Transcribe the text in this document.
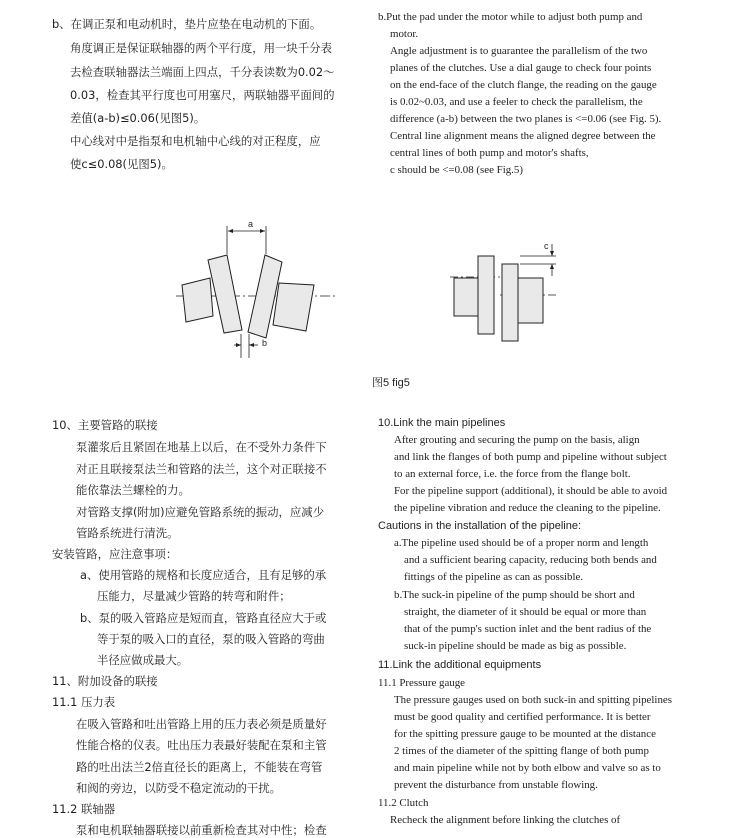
b、在调正泵和电动机时，垫片应垫在电动机的下面。
角度调正是保证联轴器的两个平行度，用一块千分表
去检查联轴器法兰端面上四点，千分表读数为0.02～
0.03，检查其平行度也可用塞尺，两联轴器平面间的
差值(a-b)≤0.06(见图5)。
中心线对中是指泵和电机轴中心线的对正程度，应
使c≤0.08(见图5)。
b.Put the pad under the motor while to adjust both pump and
motor.
Angle adjustment is to guarantee the parallelism of the two
planes of the clutches. Use a dial gauge to check four points
on the end-face of the clutch flange, the reading on the gauge
is 0.02~0.03, and use a feeler to check the parallelism, the
difference (a-b) between the two planes is <=0.06 (see Fig. 5).
Central line alignment means the aligned degree between the
central lines of both pump and motor's shafts,
c should be <=0.08 (see Fig.5)
a
b
c
图5 fig5
10、主要管路的联接
泵灌浆后且紧固在地基上以后，在不受外力条件下
对正且联接泵法兰和管路的法兰，这个对正联接不
能依靠法兰螺栓的力。
对管路支撑(附加)应避免管路系统的振动，应减少
管路系统进行清洗。
安装管路，应注意事项：
a、使用管路的规格和长度应适合，且有足够的承
压能力，尽量减少管路的转弯和附件；
b、泵的吸入管路应是短而直，管路直径应大于或
等于泵的吸入口的直径，泵的吸入管路的弯曲
半径应做成最大。
11、附加设备的联接
11.1 压力表
在吸入管路和吐出管路上用的压力表必须是质量好
性能合格的仪表。吐出压力表最好装配在泵和主管
路的吐出法兰2倍直径长的距离上，不能装在弯管
和阀的旁边，以防受不稳定流动的干扰。
11.2 联轴器
泵和电机联轴器联接以前重新检查其对中性；检查
10.Link the main pipelines
After grouting and securing the pump on the basis, align
and link the flanges of both pump and pipeline without subject
to an external force, i.e. the force from the flange bolt.
For the pipeline support (additional), it should be able to avoid
the pipeline vibration and reduce the cleaning to the pipeline.
Cautions in the installation of the pipeline:
a.The pipeline used should be of a proper norm and length
and a sufficient bearing capacity, reducing both bends and
fittings of the pipeline as can as possible.
b.The suck-in pipeline of the pump should be short and
straight, the diameter of it should be equal or more than
that of the pump's suction inlet and the bent radius of the
suck-in pipeline should be made as big as possible.
11.Link the additional equipments
11.1 Pressure gauge
The pressure gauges used on both suck-in and spitting pipelines
must be good quality and certified performance. It is better
for the spitting pressure gauge to be mounted at the distance
2 times of the diameter of the spitting flange of both pump
and main pipeline while not by both elbow and valve so as to
prevent the disturbance from unstable flowing.
11.2 Clutch
Recheck the alignment before linking the clutches of
